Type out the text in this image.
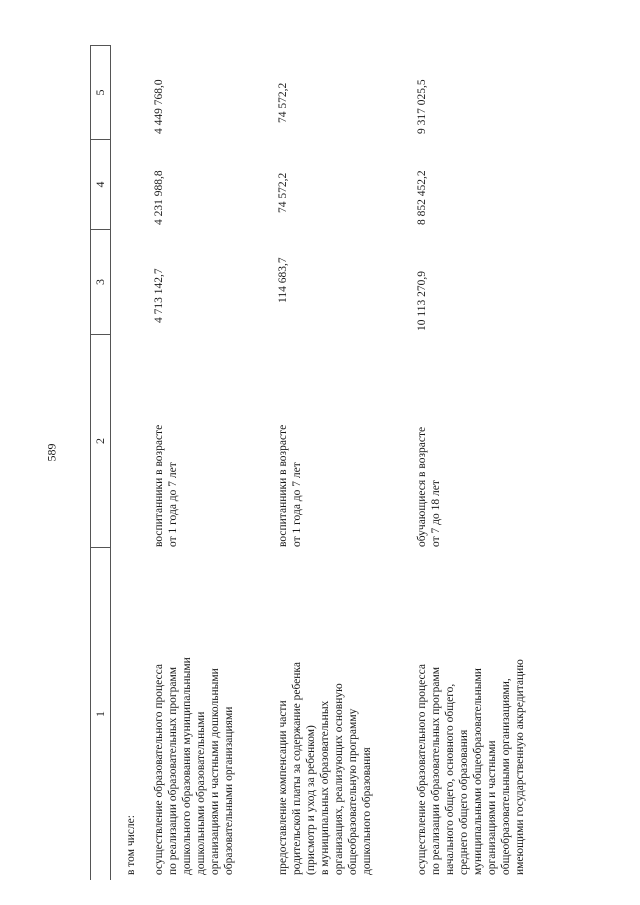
589
1
2
3
4
5
в том числе: осуществление образовательного процесса
по реализации образовательных программ
дошкольного образования муниципальными
дошкольными образовательными
организациями и частными дошкольными
образовательными организациями
воспитанники в возрасте
от 1 года до 7 лет
4 713 142,7
4 231 988,8
4 449 768,0
предоставление компенсации части
родительской платы за содержание ребенка
(присмотр и уход за ребенком)
в муниципальных образовательных
организациях, реализующих основную
общеобразовательную программу
дошкольного образования
воспитанники в возрасте
от 1 года до 7 лет
114 683,7
74 572,2
74 572,2
осуществление образовательного процесса
по реализации образовательных программ
начального общего, основного общего,
среднего общего образования
муниципальными общеобразовательными
организациями и частными
общеобразовательными организациями,
имеющими государственную аккредитацию
обучающиеся в возрасте
от 7 до 18 лет
10 113 270,9
8 852 452,2
9 317 025,5
